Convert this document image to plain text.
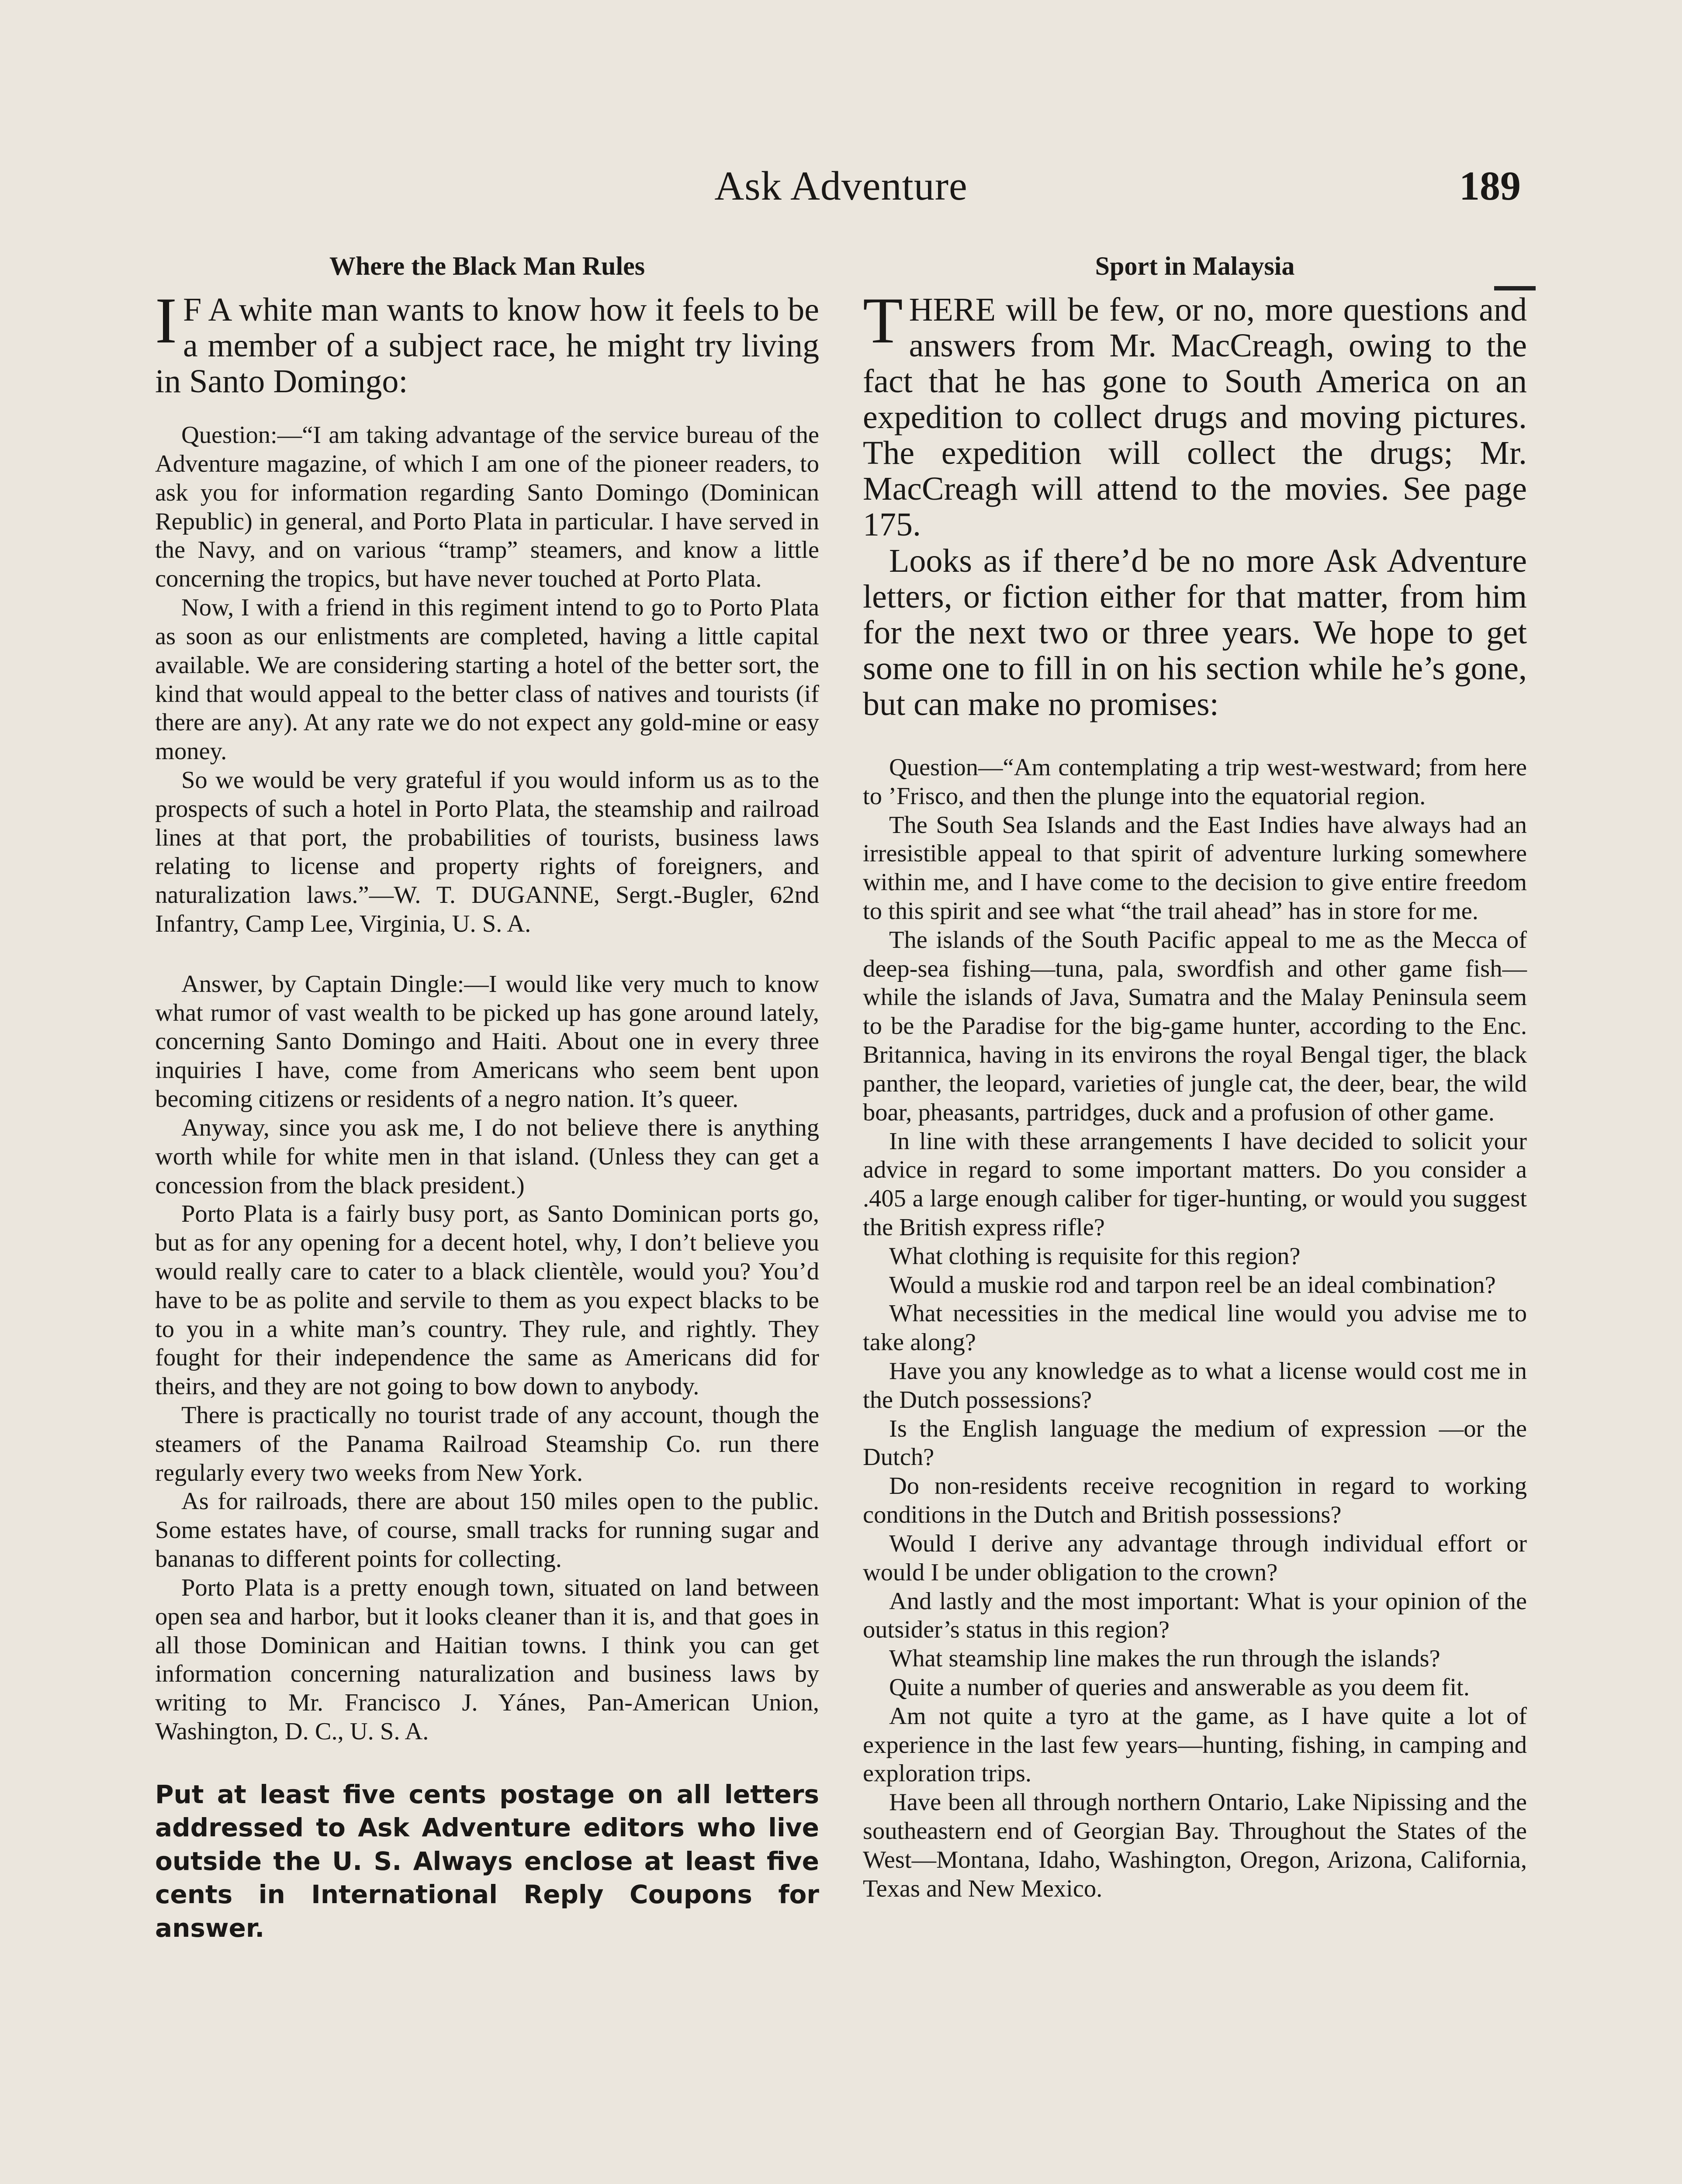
Ask Adventure	189
Where the Black Man Rules
I F A white man wants to know how it feels to be a member of a subject race, he might try living in Santo Domingo:

Question:—“I am taking advantage of the service bureau of the Adventure magazine, of which I am one of the pioneer readers, to ask you for information regarding Santo Domingo (Dominican Republic) in general, and Porto Plata in particular. I have served in the Navy, and on various “tramp” steamers, and know a little concerning the tropics, but have never touched at Porto Plata.

Now, I with a friend in this regiment intend to go to Porto Plata as soon as our enlistments are completed, having a little capital available. We are considering starting a hotel of the better sort, the kind that would appeal to the better class of natives and tourists (if there are any). At any rate we do not expect any gold-mine or easy money.

So we would be very grateful if you would inform us as to the prospects of such a hotel in Porto Plata, the steamship and railroad lines at that port, the probabilities of tourists, business laws relating to license and property rights of foreigners, and naturalization laws.”—W. T. DUGANNE, Sergt.-Bugler, 62nd Infantry, Camp Lee, Virginia, U. S. A.

Answer, by Captain Dingle:—I would like very much to know what rumor of vast wealth to be picked up has gone around lately, concerning Santo Domingo and Haiti. About one in every three inquiries I have, come from Americans who seem bent upon becoming citizens or residents of a negro nation. It’s queer.

Anyway, since you ask me, I do not believe there is anything worth while for white men in that island. (Unless they can get a concession from the black president.)

Porto Plata is a fairly busy port, as Santo Dominican ports go, but as for any opening for a decent hotel, why, I don’t believe you would really care to cater to a black clientèle, would you? You’d have to be as polite and servile to them as you expect blacks to be to you in a white man’s country. They rule, and rightly. They fought for their independence the same as Americans did for theirs, and they are not going to bow down to anybody.

There is practically no tourist trade of any account, though the steamers of the Panama Railroad Steamship Co. run there regularly every two weeks from New York.

As for railroads, there are about 150 miles open to the public. Some estates have, of course, small tracks for running sugar and bananas to different points for collecting.

Porto Plata is a pretty enough town, situated on land between open sea and harbor, but it looks cleaner than it is, and that goes in all those Dominican and Haitian towns. I think you can get information concerning naturalization and business laws by writing to Mr. Francisco J. Yánes, Pan-American Union, Washington, D. C., U. S. A.

Put at least five cents postage on all letters addressed to Ask Adventure editors who live outside the U. S. Always enclose at least five cents in International Reply Coupons for answer.
Sport in Malaysia
THERE will be few, or no, more questions and answers from Mr. MacCreagh, owing to the fact that he has gone to South America on an expedition to collect drugs and moving pictures. The expedition will collect the drugs; Mr. MacCreagh will attend to the movies. See page 175.
Looks as if there’d be no more Ask Adventure letters, or fiction either for that matter, from him for the next two or three years. We hope to get some one to fill in on his section while he’s gone, but can make no promises:

Question—“Am contemplating a trip west-westward; from here to ’Frisco, and then the plunge into the equatorial region.

The South Sea Islands and the East Indies have always had an irresistible appeal to that spirit of adventure lurking somewhere within me, and I have come to the decision to give entire freedom to this spirit and see what “the trail ahead” has in store for me.

The islands of the South Pacific appeal to me as the Mecca of deep-sea fishing—tuna, pala, swordfish and other game fish—while the islands of Java, Sumatra and the Malay Peninsula seem to be the Paradise for the big-game hunter, according to the Enc. Britannica, having in its environs the royal Bengal tiger, the black panther, the leopard, varieties of jungle cat, the deer, bear, the wild boar, pheasants, partridges, duck and a profusion of other game.

In line with these arrangements I have decided to solicit your advice in regard to some important matters. Do you consider a .405 a large enough caliber for tiger-hunting, or would you suggest the British express rifle?

What clothing is requisite for this region?

Would a muskie rod and tarpon reel be an ideal combination?

What necessities in the medical line would you advise me to take along?

Have you any knowledge as to what a license would cost me in the Dutch possessions?

Is the English language the medium of expression —or the Dutch?

Do non-residents receive recognition in regard to working conditions in the Dutch and British possessions?

Would I derive any advantage through individual effort or would I be under obligation to the crown?

And lastly and the most important: What is your opinion of the outsider’s status in this region?

What steamship line makes the run through the islands?

Quite a number of queries and answerable as you deem fit.

Am not quite a tyro at the game, as I have quite a lot of experience in the last few years—hunting, fishing, in camping and exploration trips.

Have been all through northern Ontario, Lake Nipissing and the southeastern end of Georgian Bay. Throughout the States of the West—Montana, Idaho, Washington, Oregon, Arizona, California, Texas and New Mexico.
